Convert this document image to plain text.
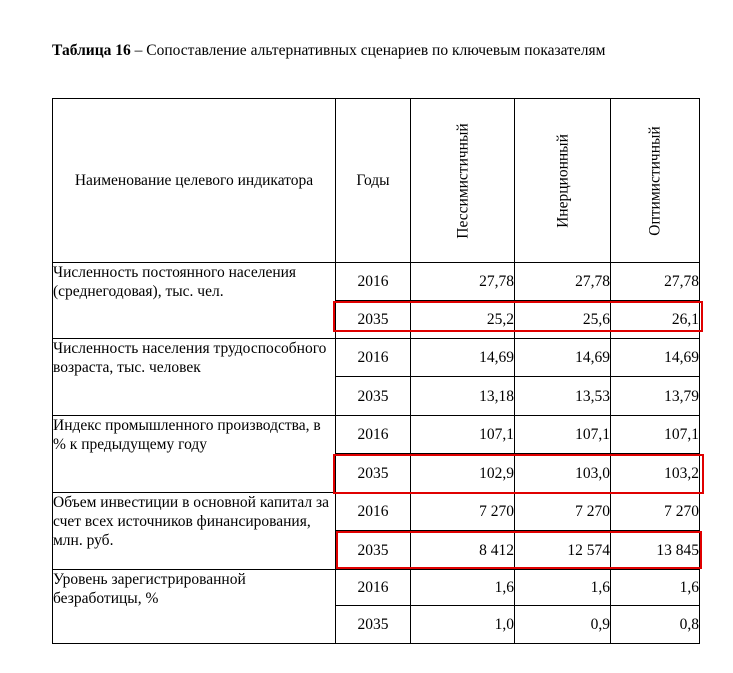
Таблица 16 – Сопоставление альтернативных сценариев по ключевым показателям
Наименование целевого индикатора	Годы	Пессимистичный	Инерционный	Оптимистичный

Численность постоянного населения (среднегодовая), тыс. чел.	2016	27,78	27,78	27,78
	2035	25,2	25,6	26,1
Численность населения трудоспособного возраста, тыс. человек	2016	14,69	14,69	14,69
	2035	13,18	13,53	13,79
Индекс промышленного производства, в % к предыдущему году	2016	107,1	107,1	107,1
	2035	102,9	103,0	103,2
Объем инвестиции в основной капитал за счет всех источников финансирования, млн. руб.	2016	7 270	7 270	7 270
	2035	8 412	12 574	13 845
Уровень зарегистрированной безработицы, %	2016	1,6	1,6	1,6
	2035	1,0	0,9	0,8
